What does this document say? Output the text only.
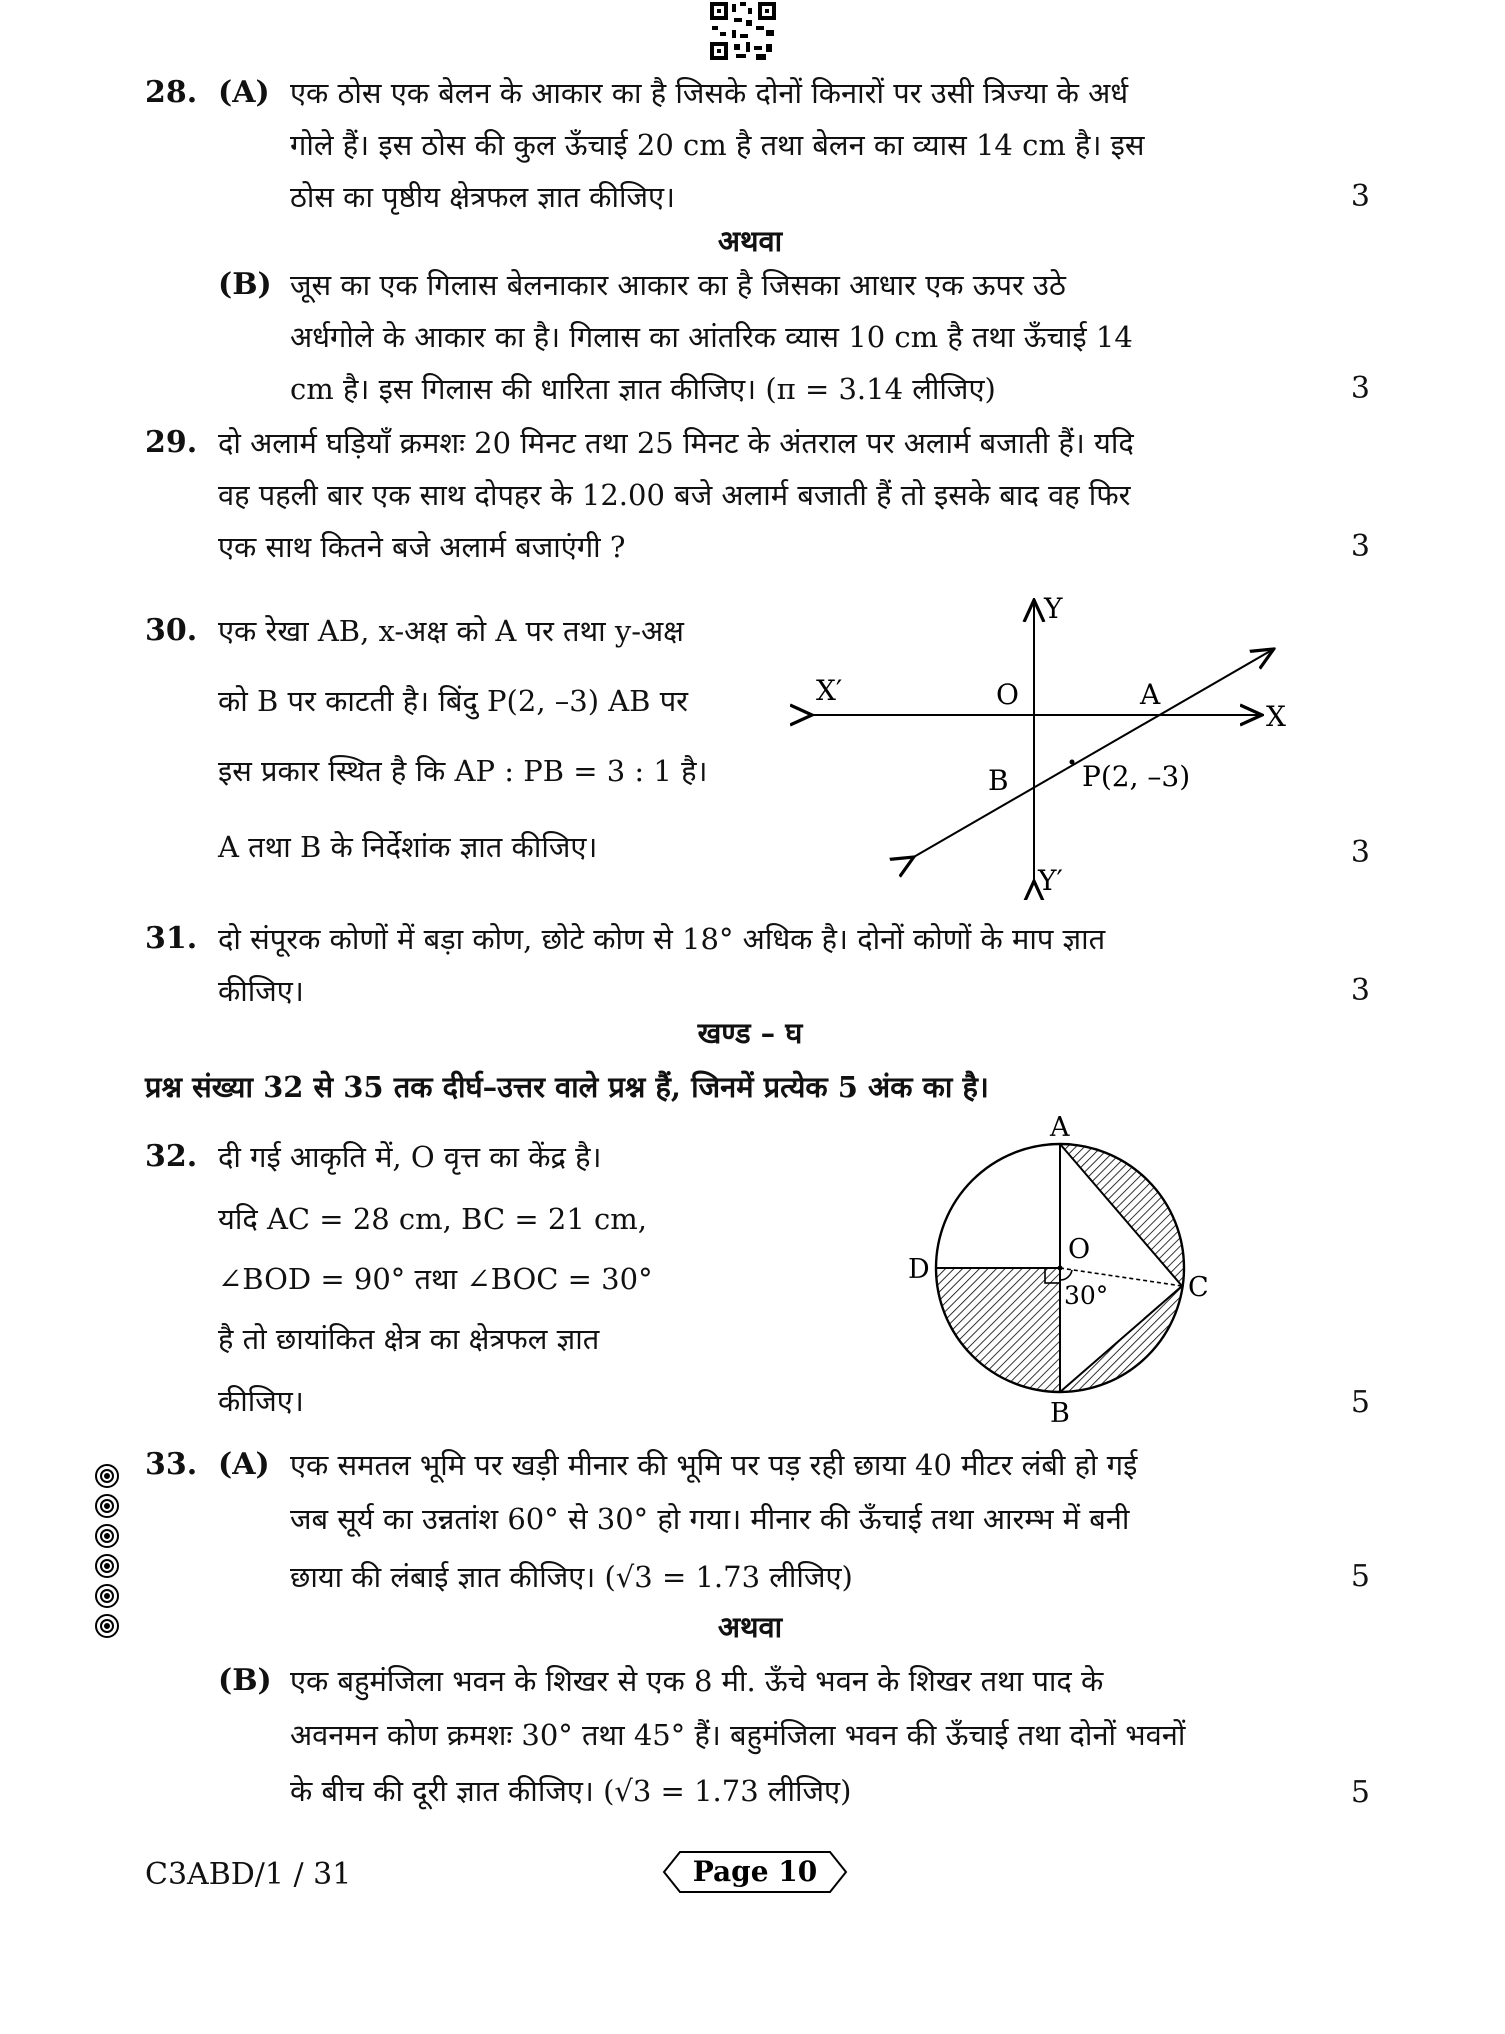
28. (A) एक ठोस एक बेलन के आकार का है जिसके दोनों किनारों पर उसी त्रिज्या के अर्ध
गोले हैं। इस ठोस की कुल ऊँचाई 20 cm है तथा बेलन का व्यास 14 cm है। इस
ठोस का पृष्ठीय क्षेत्रफल ज्ञात कीजिए।	3
अथवा
(B) जूस का एक गिलास बेलनाकार आकार का है जिसका आधार एक ऊपर उठे
अर्धगोले के आकार का है। गिलास का आंतरिक व्यास 10 cm है तथा ऊँचाई 14
cm है। इस गिलास की धारिता ज्ञात कीजिए। (π = 3.14 लीजिए)	3
29. दो अलार्म घड़ियाँ क्रमशः 20 मिनट तथा 25 मिनट के अंतराल पर अलार्म बजाती हैं। यदि
वह पहली बार एक साथ दोपहर के 12.00 बजे अलार्म बजाती हैं तो इसके बाद वह फिर
एक साथ कितने बजे अलार्म बजाएंगी ?	3
30. एक रेखा AB, x-अक्ष को A पर तथा y-अक्ष
को B पर काटती है। बिंदु P(2, –3) AB पर
इस प्रकार स्थित है कि AP : PB = 3 : 1 है।
A तथा B के निर्देशांक ज्ञात कीजिए।	3
Y
Y′
X
X′	O	A
B	P(2, –3)
31. दो संपूरक कोणों में बड़ा कोण, छोटे कोण से 18° अधिक है। दोनों कोणों के माप ज्ञात
कीजिए।	3
खण्ड – घ
प्रश्न संख्या 32 से 35 तक दीर्घ–उत्तर वाले प्रश्न हैं, जिनमें प्रत्येक 5 अंक का है।
32. दी गई आकृति में, O वृत्त का केंद्र है।
यदि AC = 28 cm, BC = 21 cm,
∠BOD = 90° तथा ∠BOC = 30°
है तो छायांकित क्षेत्र का क्षेत्रफल ज्ञात
कीजिए।	5
A
B
C
D
O
30°
33. (A) एक समतल भूमि पर खड़ी मीनार की भूमि पर पड़ रही छाया 40 मीटर लंबी हो गई
जब सूर्य का उन्नतांश 60° से 30° हो गया। मीनार की ऊँचाई तथा आरम्भ में बनी
छाया की लंबाई ज्ञात कीजिए। (√3 = 1.73 लीजिए)	5
अथवा
(B) एक बहुमंजिला भवन के शिखर से एक 8 मी. ऊँचे भवन के शिखर तथा पाद के
अवनमन कोण क्रमशः 30° तथा 45° हैं। बहुमंजिला भवन की ऊँचाई तथा दोनों भवनों
के बीच की दूरी ज्ञात कीजिए। (√3 = 1.73 लीजिए)	5
C3ABD/1 / 31	Page 10
